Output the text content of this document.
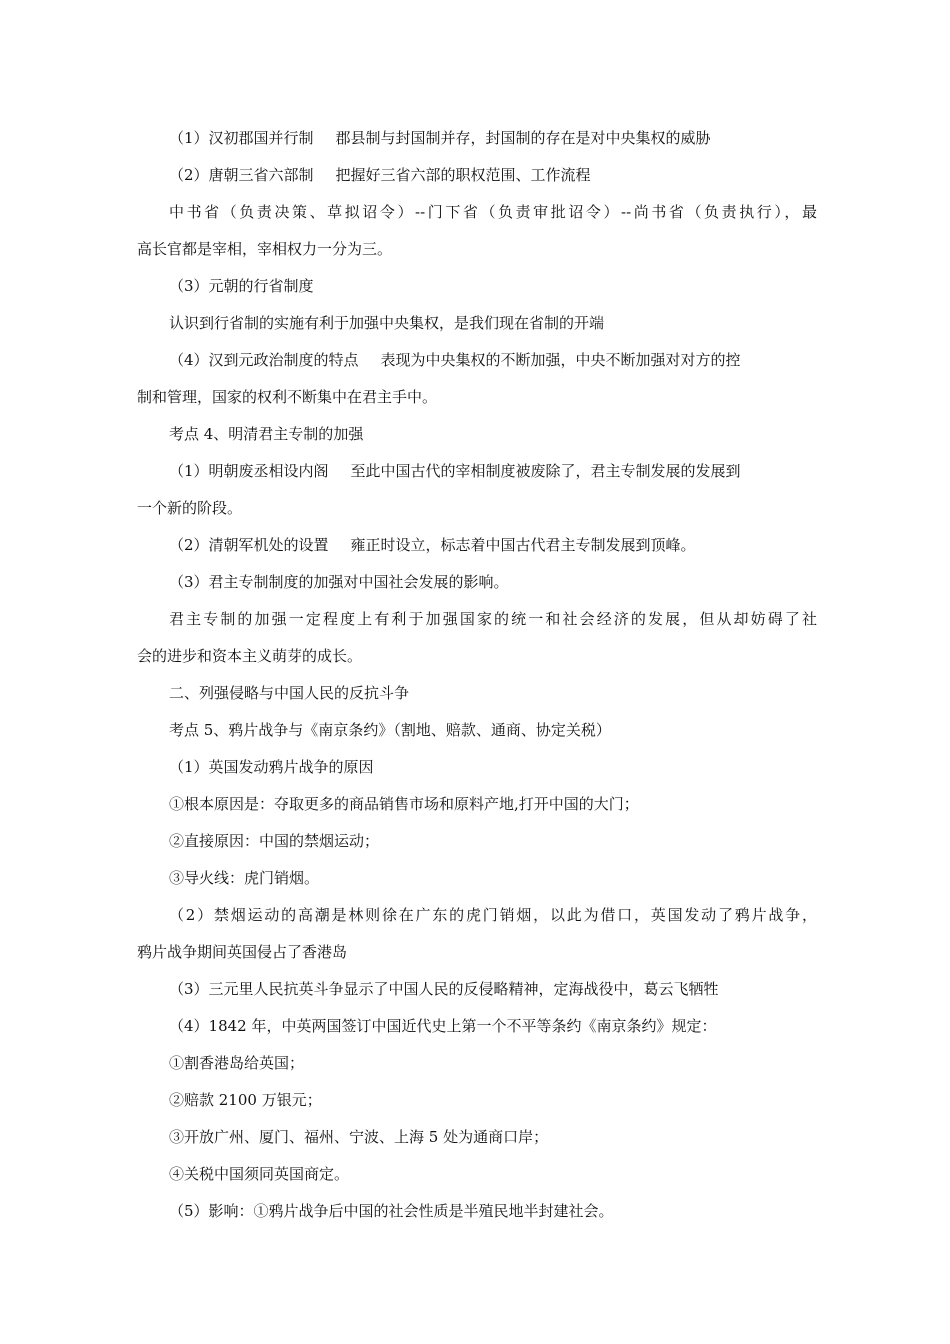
（1）汉初郡国并行制 郡县制与封国制并存，封国制的存在是对中央集权的威胁
（2）唐朝三省六部制 把握好三省六部的职权范围、工作流程
中书省（负责决策、草拟诏令）--门下省（负责审批诏令）--尚书省（负责执行），最
高长官都是宰相，宰相权力一分为三。
（3）元朝的行省制度
认识到行省制的实施有利于加强中央集权，是我们现在省制的开端
（4）汉到元政治制度的特点 表现为中央集权的不断加强，中央不断加强对对方的控
制和管理，国家的权利不断集中在君主手中。
考点 4、明清君主专制的加强
（1）明朝废丞相设内阁 至此中国古代的宰相制度被废除了，君主专制发展的发展到
一个新的阶段。
（2）清朝军机处的设置 雍正时设立，标志着中国古代君主专制发展到顶峰。
（3）君主专制制度的加强对中国社会发展的影响。
君主专制的加强一定程度上有利于加强国家的统一和社会经济的发展，但从却妨碍了社
会的进步和资本主义萌芽的成长。
二、列强侵略与中国人民的反抗斗争
考点 5、鸦片战争与《南京条约》（割地、赔款、通商、协定关税）
（1）英国发动鸦片战争的原因
①根本原因是：夺取更多的商品销售市场和原料产地,打开中国的大门；
②直接原因：中国的禁烟运动；
③导火线：虎门销烟。
（2）禁烟运动的高潮是林则徐在广东的虎门销烟，以此为借口，英国发动了鸦片战争，
鸦片战争期间英国侵占了香港岛
（3）三元里人民抗英斗争显示了中国人民的反侵略精神，定海战役中，葛云飞牺牲
（4）1842 年，中英两国签订中国近代史上第一个不平等条约《南京条约》规定：
①割香港岛给英国；
②赔款 2100 万银元；
③开放广州、厦门、福州、宁波、上海 5 处为通商口岸；
④关税中国须同英国商定。
（5）影响：①鸦片战争后中国的社会性质是半殖民地半封建社会。
